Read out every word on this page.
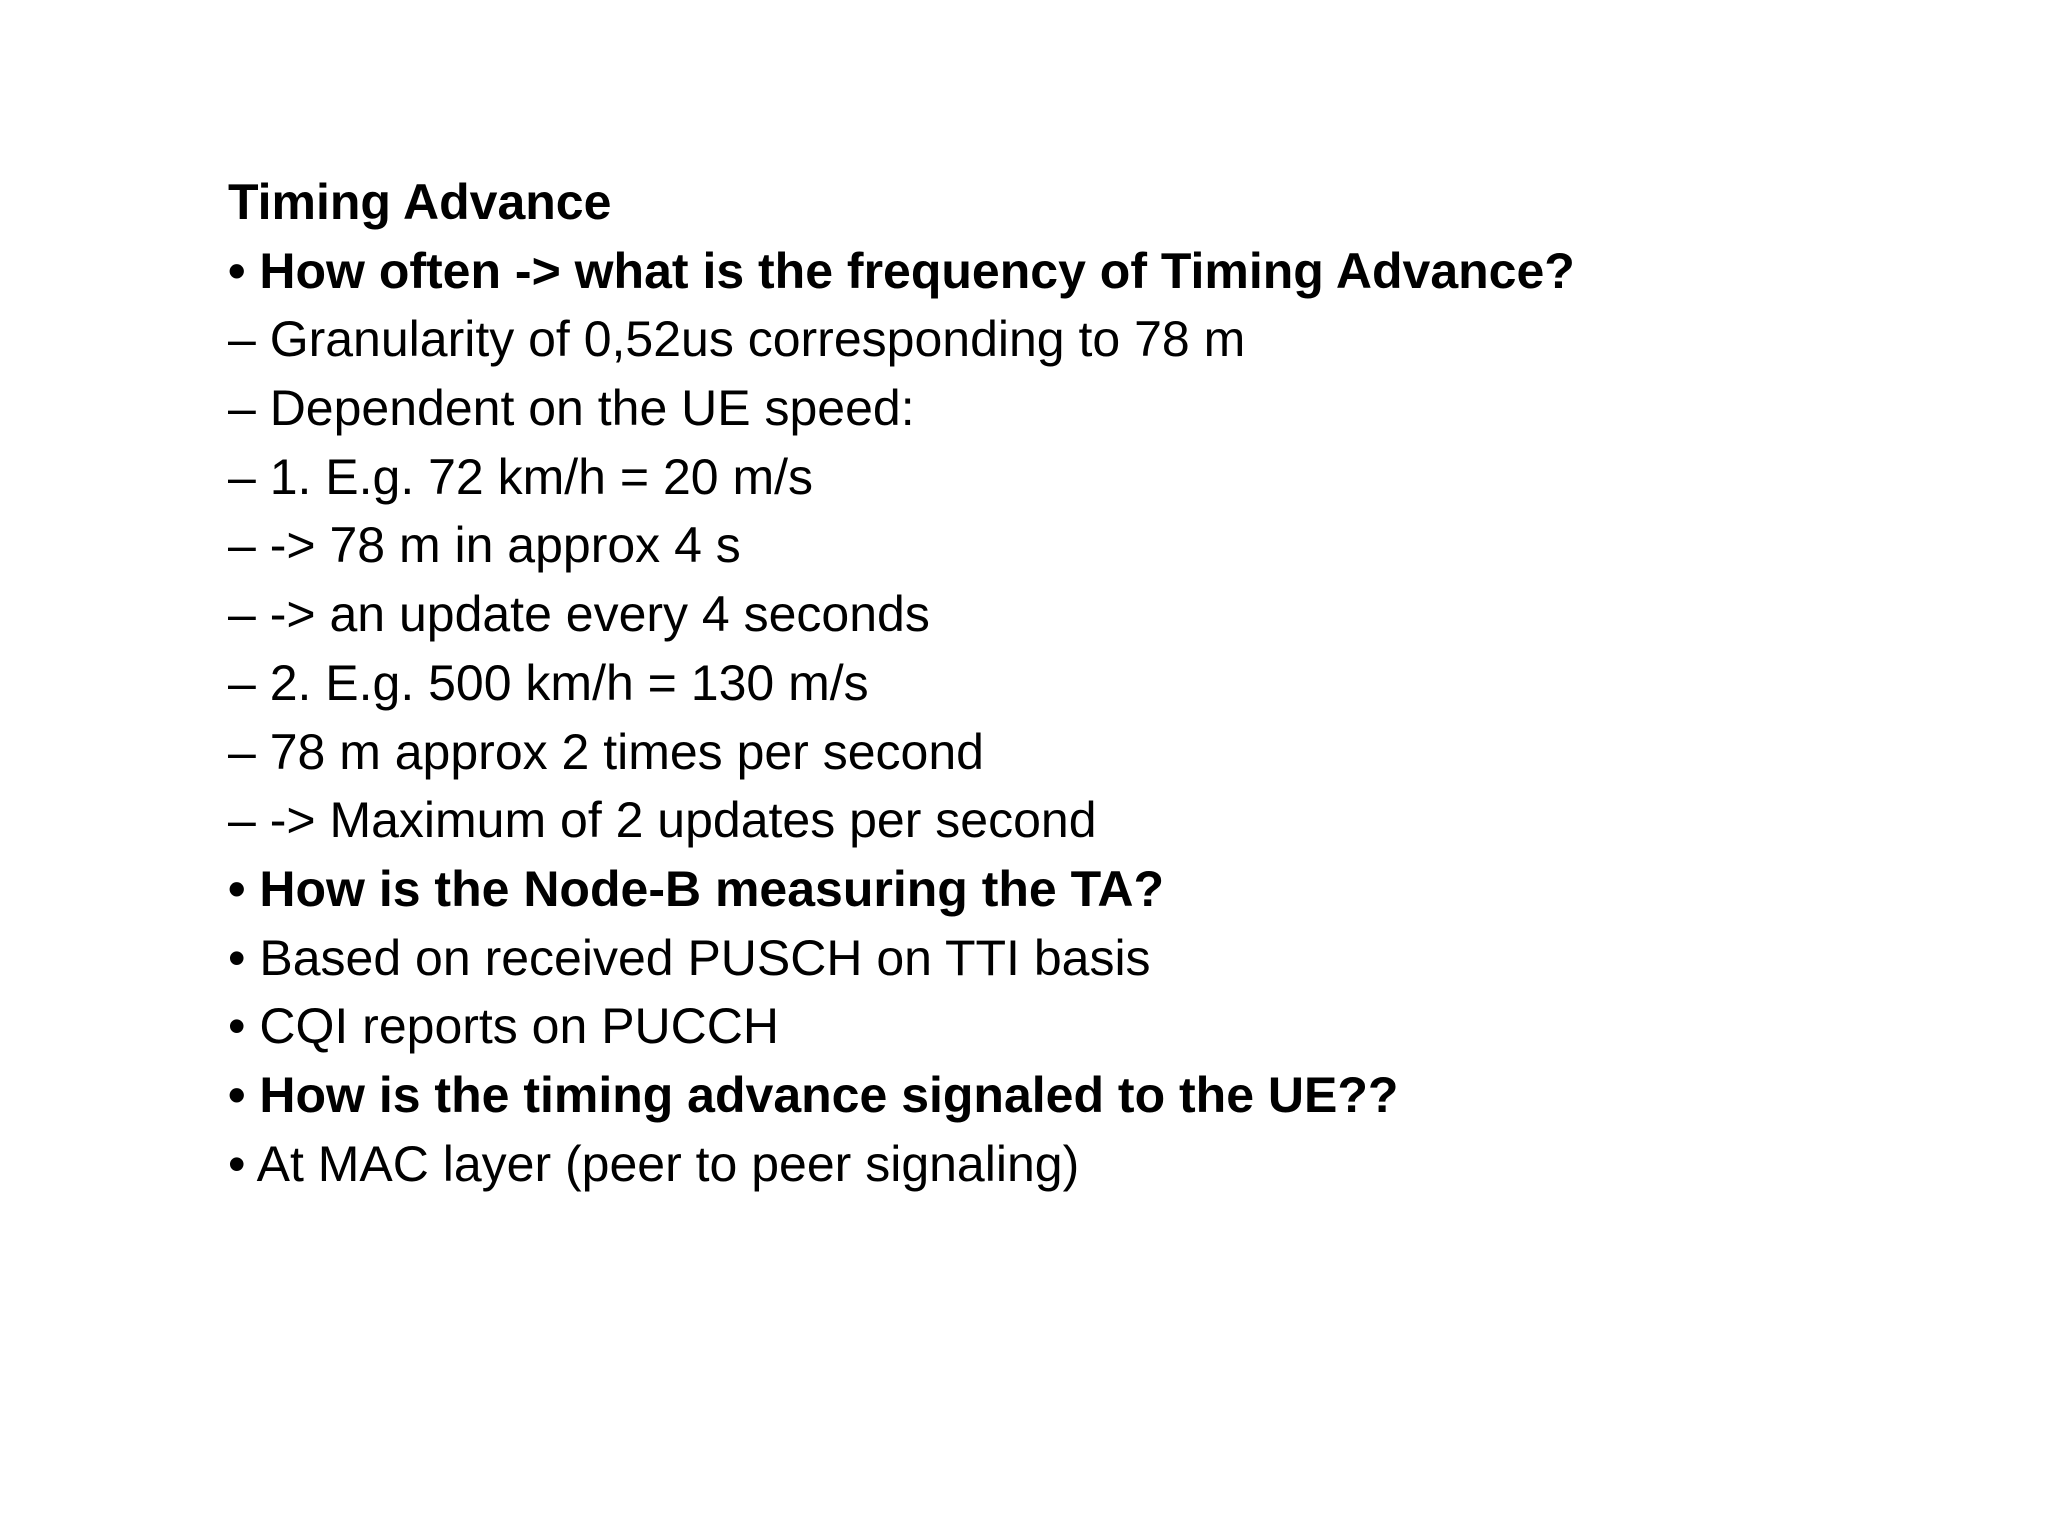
Timing Advance

• How often -> what is the frequency of Timing Advance?

– Granularity of 0,52us corresponding to 78 m

– Dependent on the UE speed:

– 1. E.g. 72 km/h = 20 m/s

– -> 78 m in approx 4 s

– -> an update every 4 seconds

– 2. E.g. 500 km/h = 130 m/s

– 78 m approx 2 times per second

– -> Maximum of 2 updates per second

• How is the Node-B measuring the TA?

• Based on received PUSCH on TTI basis

• CQI reports on PUCCH

• How is the timing advance signaled to the UE??

• At MAC layer (peer to peer signaling)
